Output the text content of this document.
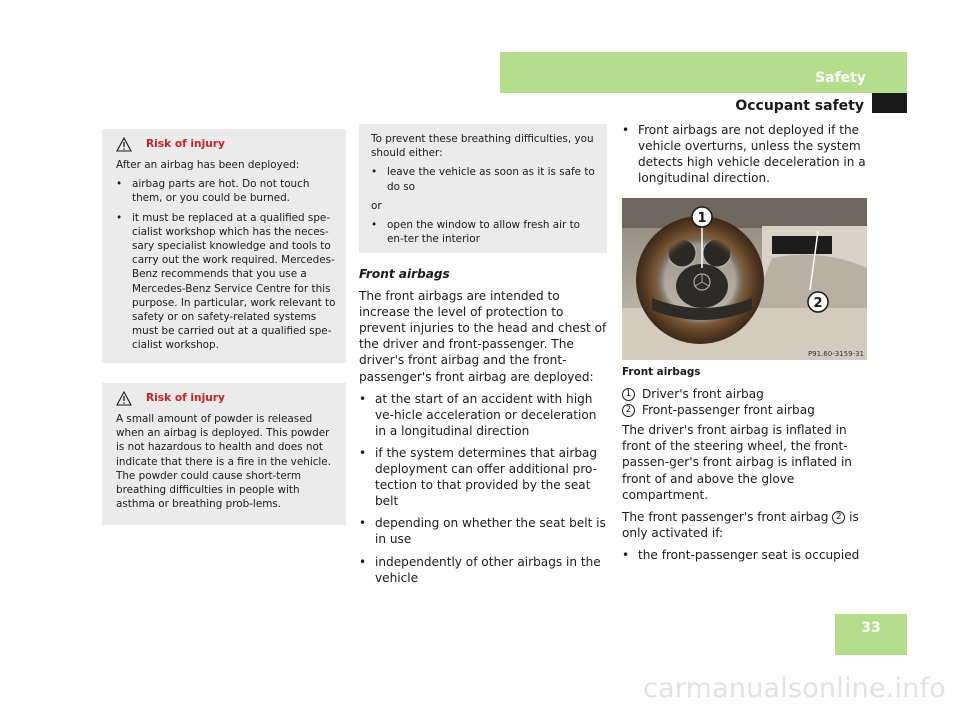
Safety
Occupant safety
Risk of injury

After an airbag has been deployed:

• airbag parts are hot. Do not touch them, or you could be burned.
• it must be replaced at a qualified spe-cialist workshop which has the neces-sary specialist knowledge and tools to carry out the work required. Mercedes-Benz recommends that you use a Mercedes-Benz Service Centre for this purpose. In particular, work relevant to safety or on safety-related systems must be carried out at a qualified spe-cialist workshop.
Risk of injury

A small amount of powder is released when an airbag is deployed. This powder is not hazardous to health and does not indicate that there is a fire in the vehicle. The powder could cause short-term breathing difficulties in people with asthma or breathing prob-lems.

To prevent these breathing difficulties, you should either:

• leave the vehicle as soon as it is safe to do so

or

• open the window to allow fresh air to en-ter the interior

Front airbags

The front airbags are intended to increase the level of protection to prevent injuries to the head and chest of the driver and front-passenger. The driver's front airbag and the front-passenger's front airbag are deployed:

• at the start of an accident with high ve-hicle acceleration or deceleration in a longitudinal direction
• if the system determines that airbag deployment can offer additional pro-tection to that provided by the seat belt
• depending on whether the seat belt is in use
• independently of other airbags in the vehicle
• Front airbags are not deployed if the vehicle overturns, unless the system detects high vehicle deceleration in a longitudinal direction.
1
2
P91.60-3159-31

Front airbags

1 Driver's front airbag
2 Front-passenger front airbag

The driver's front airbag is inflated in front of the steering wheel, the front-passen-ger's front airbag is inflated in front of and above the glove compartment.

The front passenger's front airbag 2 is only activated if:

• the front-passenger seat is occupied
33
carmanualsonline.info
